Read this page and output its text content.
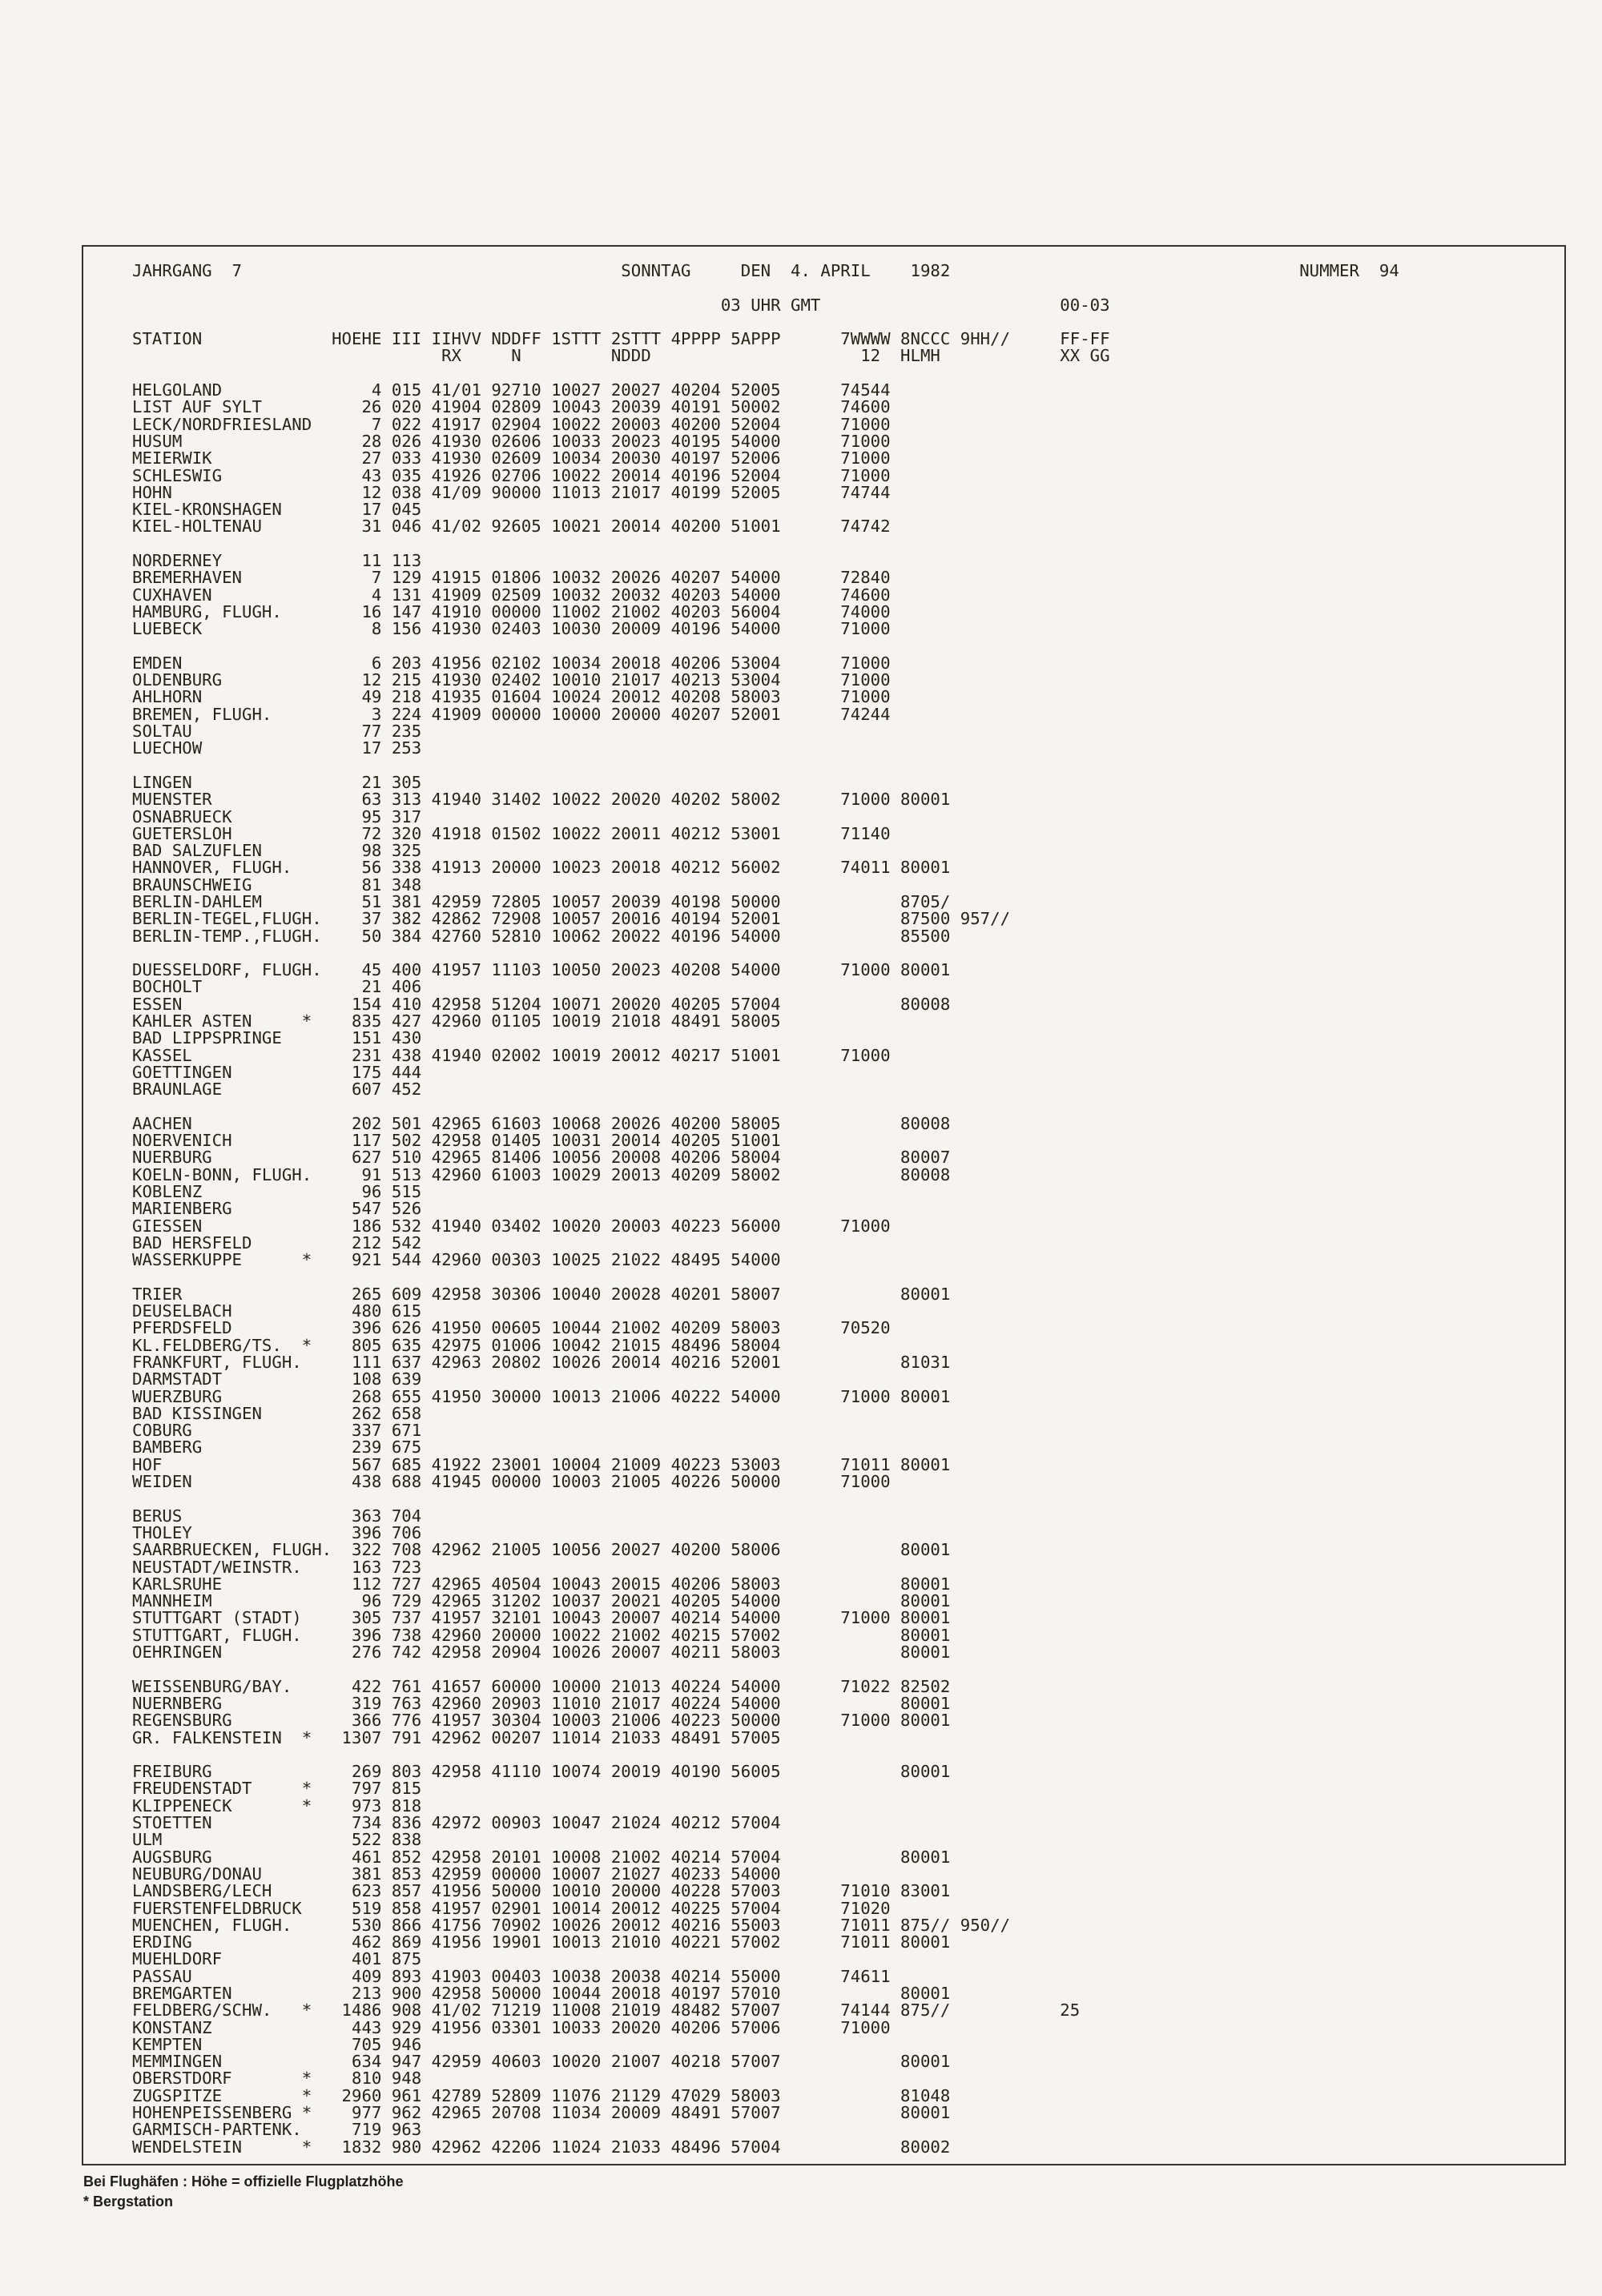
JAHRGANG  7                                      SONNTAG     DEN  4. APRIL    1982                                   NUMMER  94
03 UHR GMT                        00-03
STATION             HOEHE III IIHVV NDDFF 1STTT 2STTT 4PPPP 5APPP      7WWWW 8NCCC 9HH//     FF-FF
RX     N         NDDD                     12  HLMH            XX GG
HELGOLAND               4 015 41/01 92710 10027 20027 40204 52005      74544
LIST AUF SYLT          26 020 41904 02809 10043 20039 40191 50002      74600
LECK/NORDFRIESLAND      7 022 41917 02904 10022 20003 40200 52004      71000
HUSUM                  28 026 41930 02606 10033 20023 40195 54000      71000
MEIERWIK               27 033 41930 02609 10034 20030 40197 52006      71000
SCHLESWIG              43 035 41926 02706 10022 20014 40196 52004      71000
HOHN                   12 038 41/09 90000 11013 21017 40199 52005      74744
KIEL-KRONSHAGEN        17 045
KIEL-HOLTENAU          31 046 41/02 92605 10021 20014 40200 51001      74742
NORDERNEY              11 113
BREMERHAVEN             7 129 41915 01806 10032 20026 40207 54000      72840
CUXHAVEN                4 131 41909 02509 10032 20032 40203 54000      74600
HAMBURG, FLUGH.        16 147 41910 00000 11002 21002 40203 56004      74000
LUEBECK                 8 156 41930 02403 10030 20009 40196 54000      71000
EMDEN                   6 203 41956 02102 10034 20018 40206 53004      71000
OLDENBURG              12 215 41930 02402 10010 21017 40213 53004      71000
AHLHORN                49 218 41935 01604 10024 20012 40208 58003      71000
BREMEN, FLUGH.          3 224 41909 00000 10000 20000 40207 52001      74244
SOLTAU                 77 235
LUECHOW                17 253
LINGEN                 21 305
MUENSTER               63 313 41940 31402 10022 20020 40202 58002      71000 80001
OSNABRUECK             95 317
GUETERSLOH             72 320 41918 01502 10022 20011 40212 53001      71140
BAD SALZUFLEN          98 325
HANNOVER, FLUGH.       56 338 41913 20000 10023 20018 40212 56002      74011 80001
BRAUNSCHWEIG           81 348
BERLIN-DAHLEM          51 381 42959 72805 10057 20039 40198 50000            8705/
BERLIN-TEGEL,FLUGH.    37 382 42862 72908 10057 20016 40194 52001            87500 957//
BERLIN-TEMP.,FLUGH.    50 384 42760 52810 10062 20022 40196 54000            85500
DUESSELDORF, FLUGH.    45 400 41957 11103 10050 20023 40208 54000      71000 80001
BOCHOLT                21 406
ESSEN                 154 410 42958 51204 10071 20020 40205 57004            80008
KAHLER ASTEN     *    835 427 42960 01105 10019 21018 48491 58005
BAD LIPPSPRINGE       151 430
KASSEL                231 438 41940 02002 10019 20012 40217 51001      71000
GOETTINGEN            175 444
BRAUNLAGE             607 452
AACHEN                202 501 42965 61603 10068 20026 40200 58005            80008
NOERVENICH            117 502 42958 01405 10031 20014 40205 51001
NUERBURG              627 510 42965 81406 10056 20008 40206 58004            80007
KOELN-BONN, FLUGH.     91 513 42960 61003 10029 20013 40209 58002            80008
KOBLENZ                96 515
MARIENBERG            547 526
GIESSEN               186 532 41940 03402 10020 20003 40223 56000      71000
BAD HERSFELD          212 542
WASSERKUPPE      *    921 544 42960 00303 10025 21022 48495 54000
TRIER                 265 609 42958 30306 10040 20028 40201 58007            80001
DEUSELBACH            480 615
PFERDSFELD            396 626 41950 00605 10044 21002 40209 58003      70520
KL.FELDBERG/TS.  *    805 635 42975 01006 10042 21015 48496 58004
FRANKFURT, FLUGH.     111 637 42963 20802 10026 20014 40216 52001            81031
DARMSTADT             108 639
WUERZBURG             268 655 41950 30000 10013 21006 40222 54000      71000 80001
BAD KISSINGEN         262 658
COBURG                337 671
BAMBERG               239 675
HOF                   567 685 41922 23001 10004 21009 40223 53003      71011 80001
WEIDEN                438 688 41945 00000 10003 21005 40226 50000      71000
BERUS                 363 704
THOLEY                396 706
SAARBRUECKEN, FLUGH.  322 708 42962 21005 10056 20027 40200 58006            80001
NEUSTADT/WEINSTR.     163 723
KARLSRUHE             112 727 42965 40504 10043 20015 40206 58003            80001
MANNHEIM               96 729 42965 31202 10037 20021 40205 54000            80001
STUTTGART (STADT)     305 737 41957 32101 10043 20007 40214 54000      71000 80001
STUTTGART, FLUGH.     396 738 42960 20000 10022 21002 40215 57002            80001
OEHRINGEN             276 742 42958 20904 10026 20007 40211 58003            80001
WEISSENBURG/BAY.      422 761 41657 60000 10000 21013 40224 54000      71022 82502
NUERNBERG             319 763 42960 20903 11010 21017 40224 54000            80001
REGENSBURG            366 776 41957 30304 10003 21006 40223 50000      71000 80001
GR. FALKENSTEIN  *   1307 791 42962 00207 11014 21033 48491 57005
FREIBURG              269 803 42958 41110 10074 20019 40190 56005            80001
FREUDENSTADT     *    797 815
KLIPPENECK       *    973 818
STOETTEN              734 836 42972 00903 10047 21024 40212 57004
ULM                   522 838
AUGSBURG              461 852 42958 20101 10008 21002 40214 57004            80001
NEUBURG/DONAU         381 853 42959 00000 10007 21027 40233 54000
LANDSBERG/LECH        623 857 41956 50000 10010 20000 40228 57003      71010 83001
FUERSTENFELDBRUCK     519 858 41957 02901 10014 20012 40225 57004      71020
MUENCHEN, FLUGH.      530 866 41756 70902 10026 20012 40216 55003      71011 875// 950//
ERDING                462 869 41956 19901 10013 21010 40221 57002      71011 80001
MUEHLDORF             401 875
PASSAU                409 893 41903 00403 10038 20038 40214 55000      74611
BREMGARTEN            213 900 42958 50000 10044 20018 40197 57010            80001
FELDBERG/SCHW.   *   1486 908 41/02 71219 11008 21019 48482 57007      74144 875//           25
KONSTANZ              443 929 41956 03301 10033 20020 40206 57006      71000
KEMPTEN               705 946
MEMMINGEN             634 947 42959 40603 10020 21007 40218 57007            80001
OBERSTDORF       *    810 948
ZUGSPITZE        *   2960 961 42789 52809 11076 21129 47029 58003            81048
HOHENPEISSENBERG *    977 962 42965 20708 11034 20009 48491 57007            80001
GARMISCH-PARTENK.     719 963
WENDELSTEIN      *   1832 980 42962 42206 11024 21033 48496 57004            80002
Bei Flughäfen : Höhe = offizielle Flugplatzhöhe
* Bergstation
